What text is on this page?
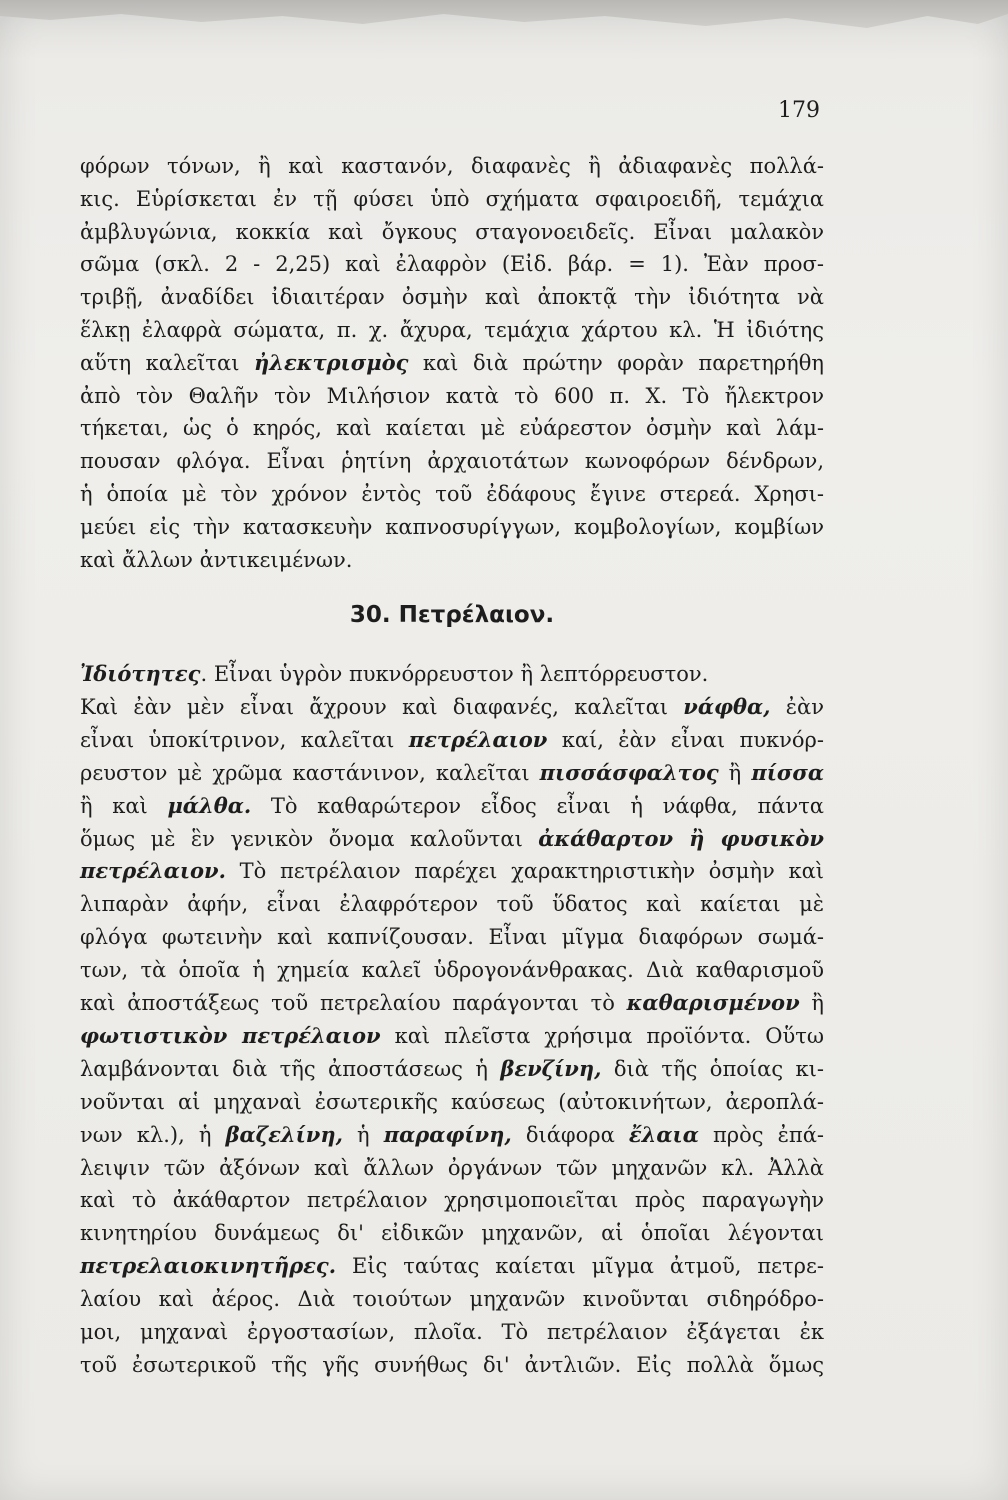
179
φόρων τόνων, ἢ καὶ καστανόν, διαφανὲς ἢ ἀδιαφανὲς πολλά-
κις. Εὑρίσκεται ἐν τῇ φύσει ὑπὸ σχήματα σφαιροειδῆ, τεμάχια
ἀμβλυγώνια, κοκκία καὶ ὄγκους σταγονοειδεῖς. Εἶναι μαλακὸν
σῶμα (σκλ. 2 - 2,25) καὶ ἐλαφρὸν (Εἰδ. βάρ. = 1). Ἐὰν προσ-
τριβῇ, ἀναδίδει ἰδιαιτέραν ὀσμὴν καὶ ἀποκτᾷ τὴν ἰδιότητα νὰ
ἕλκῃ ἐλαφρὰ σώματα, π. χ. ἄχυρα, τεμάχια χάρτου κλ. Ἡ ἰδιότης
αὕτη καλεῖται ἠλεκτρισμὸς καὶ διὰ πρώτην φορὰν παρετηρήθη
ἀπὸ τὸν Θαλῆν τὸν Μιλήσιον κατὰ τὸ 600 π. Χ. Τὸ ἤλεκτρον
τήκεται, ὡς ὁ κηρός, καὶ καίεται μὲ εὐάρεστον ὀσμὴν καὶ λάμ-
πουσαν φλόγα. Εἶναι ῥητίνη ἀρχαιοτάτων κωνοφόρων δένδρων,
ἡ ὁποία μὲ τὸν χρόνον ἐντὸς τοῦ ἐδάφους ἔγινε στερεά. Χρησι-
μεύει εἰς τὴν κατασκευὴν καπνοσυρίγγων, κομβολογίων, κομβίων
καὶ ἄλλων ἀντικειμένων.
30. Πετρέλαιον.
Ἰδιότητες. Εἶναι ὑγρὸν πυκνόρρευστον ἢ λεπτόρρευστον.
Καὶ ἐὰν μὲν εἶναι ἄχρουν καὶ διαφανές, καλεῖται νάφθα, ἐὰν
εἶναι ὑποκίτρινον, καλεῖται πετρέλαιον καί, ἐὰν εἶναι πυκνόρ-
ρευστον μὲ χρῶμα καστάνινον, καλεῖται πισσάσφαλτος ἢ πίσσα
ἢ καὶ μάλθα. Τὸ καθαρώτερον εἶδος εἶναι ἡ νάφθα, πάντα
ὅμως μὲ ἓν γενικὸν ὄνομα καλοῦνται ἀκάθαρτον ἢ φυσικὸν
πετρέλαιον. Τὸ πετρέλαιον παρέχει χαρακτηριστικὴν ὀσμὴν καὶ
λιπαρὰν ἀφήν, εἶναι ἐλαφρότερον τοῦ ὕδατος καὶ καίεται μὲ
φλόγα φωτεινὴν καὶ καπνίζουσαν. Εἶναι μῖγμα διαφόρων σωμά-
των, τὰ ὁποῖα ἡ χημεία καλεῖ ὑδρογονάνθρακας. Διὰ καθαρισμοῦ
καὶ ἀποστάξεως τοῦ πετρελαίου παράγονται τὸ καθαρισμένον ἢ
φωτιστικὸν πετρέλαιον καὶ πλεῖστα χρήσιμα προϊόντα. Οὕτω
λαμβάνονται διὰ τῆς ἀποστάσεως ἡ βενζίνη, διὰ τῆς ὁποίας κι-
νοῦνται αἱ μηχαναὶ ἐσωτερικῆς καύσεως (αὐτοκινήτων, ἀεροπλά-
νων κλ.), ἡ βαζελίνη, ἡ παραφίνη, διάφορα ἔλαια πρὸς ἐπά-
λειψιν τῶν ἀξόνων καὶ ἄλλων ὀργάνων τῶν μηχανῶν κλ. Ἀλλὰ
καὶ τὸ ἀκάθαρτον πετρέλαιον χρησιμοποιεῖται πρὸς παραγωγὴν
κινητηρίου δυνάμεως δι' εἰδικῶν μηχανῶν, αἱ ὁποῖαι λέγονται
πετρελαιοκινητῆρες. Εἰς ταύτας καίεται μῖγμα ἀτμοῦ, πετρε-
λαίου καὶ ἀέρος. Διὰ τοιούτων μηχανῶν κινοῦνται σιδηρόδρο-
μοι, μηχαναὶ ἐργοστασίων, πλοῖα. Τὸ πετρέλαιον ἐξάγεται ἐκ
τοῦ ἐσωτερικοῦ τῆς γῆς συνήθως δι' ἀντλιῶν. Εἰς πολλὰ ὅμως
